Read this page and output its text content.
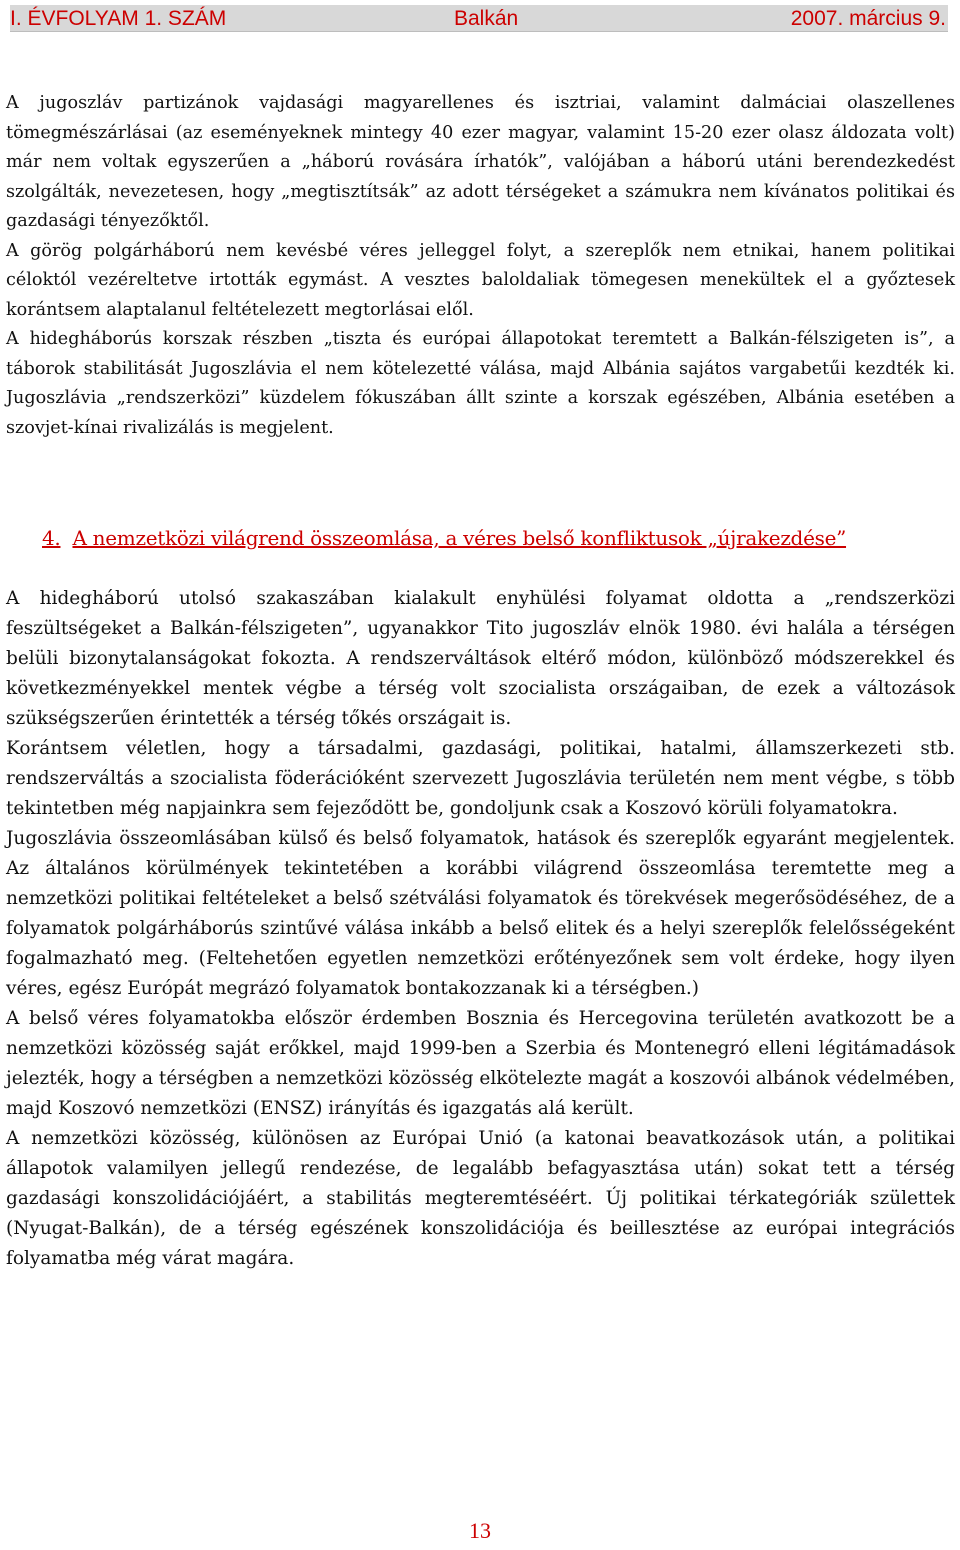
I. ÉVFOLYAM 1. SZÁM	Balkán	2007. március 9.

A jugoszláv partizánok vajdasági magyarellenes és isztriai, valamint dalmáciai olaszellenes tömegmészárlásai (az eseményeknek mintegy 40 ezer magyar, valamint 15-20 ezer olasz áldozata volt) már nem voltak egyszerűen a „háború rovására írhatók”, valójában a háború utáni berendezkedést szolgálták, nevezetesen, hogy „megtisztítsák” az adott térségeket a számukra nem kívánatos politikai és gazdasági tényezőktől.

A görög polgárháború nem kevésbé véres jelleggel folyt, a szereplők nem etnikai, hanem politikai céloktól vezéreltetve irtották egymást. A vesztes baloldaliak tömegesen menekültek el a győztesek korántsem alaptalanul feltételezett megtorlásai elől.

A hidegháborús korszak részben „tiszta és európai állapotokat teremtett a Balkán-félszigeten is”, a táborok stabilitását Jugoszlávia el nem kötelezetté válása, majd Albánia sajátos vargabetűi kezdték ki. Jugoszlávia „rendszerközi” küzdelem fókuszában állt szinte a korszak egészében, Albánia esetében a szovjet-kínai rivalizálás is megjelent.

4. A nemzetközi világrend összeomlása, a véres belső konfliktusok „újrakezdése”

A hidegháború utolsó szakaszában kialakult enyhülési folyamat oldotta a „rendszerközi feszültségeket a Balkán-félszigeten”, ugyanakkor Tito jugoszláv elnök 1980. évi halála a térségen belüli bizonytalanságokat fokozta. A rendszerváltások eltérő módon, különböző módszerekkel és következményekkel mentek végbe a térség volt szocialista országaiban, de ezek a változások szükségszerűen érintették a térség tőkés országait is.

Korántsem véletlen, hogy a társadalmi, gazdasági, politikai, hatalmi, államszerkezeti stb. rendszerváltás a szocialista föderációként szervezett Jugoszlávia területén nem ment végbe, s több tekintetben még napjainkra sem fejeződött be, gondoljunk csak a Koszovó körüli folyamatokra.

Jugoszlávia összeomlásában külső és belső folyamatok, hatások és szereplők egyaránt megjelentek. Az általános körülmények tekintetében a korábbi világrend összeomlása teremtette meg a nemzetközi politikai feltételeket a belső szétválási folyamatok és törekvések megerősödéséhez, de a folyamatok polgárháborús szintűvé válása inkább a belső elitek és a helyi szereplők felelősségeként fogalmazható meg. (Feltehetően egyetlen nemzetközi erőtényezőnek sem volt érdeke, hogy ilyen véres, egész Európát megrázó folyamatok bontakozzanak ki a térségben.)

A belső véres folyamatokba először érdemben Bosznia és Hercegovina területén avatkozott be a nemzetközi közösség saját erőkkel, majd 1999-ben a Szerbia és Montenegró elleni légitámadások jelezték, hogy a térségben a nemzetközi közösség elkötelezte magát a koszovói albánok védelmében, majd Koszovó nemzetközi (ENSZ) irányítás és igazgatás alá került.

A nemzetközi közösség, különösen az Európai Unió (a katonai beavatkozások után, a politikai állapotok valamilyen jellegű rendezése, de legalább befagyasztása után) sokat tett a térség gazdasági konszolidációjáért, a stabilitás megteremtéséért. Új politikai térkategóriák születtek (Nyugat-Balkán), de a térség egészének konszolidációja és beillesztése az európai integrációs folyamatba még várat magára.

13
